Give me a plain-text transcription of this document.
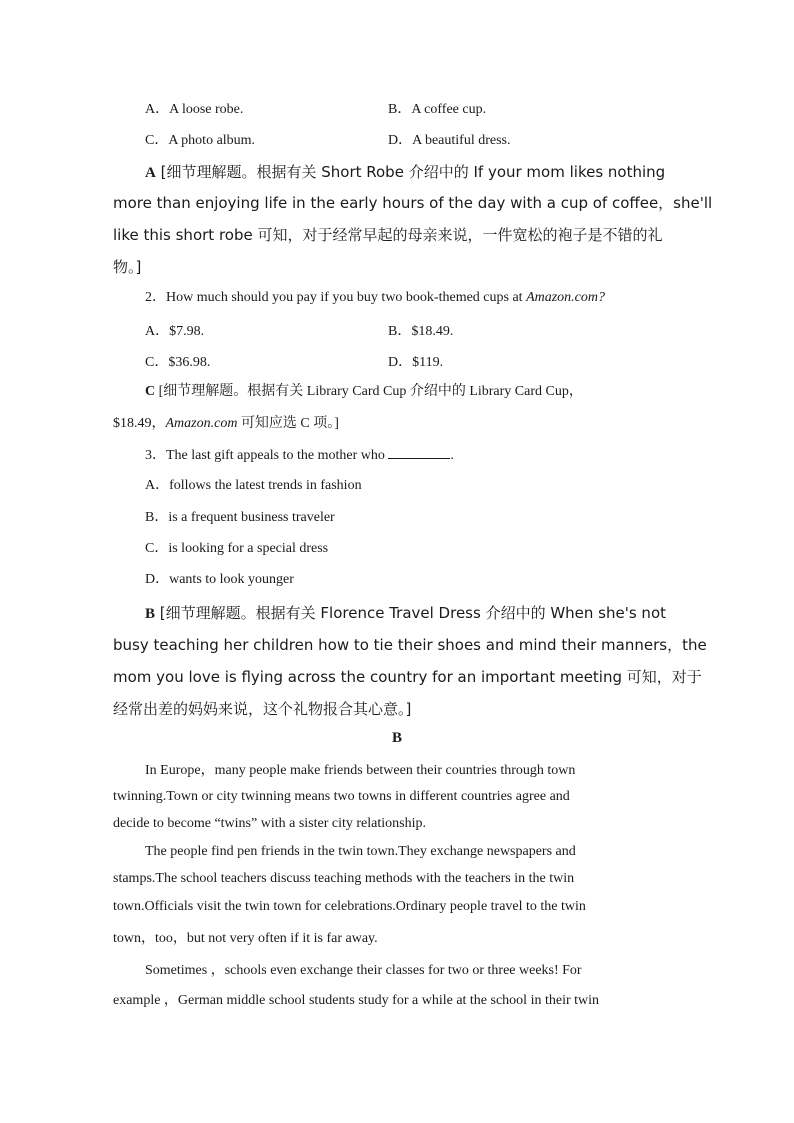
A．A loose robe.	B．A coffee cup.
C．A photo album.	D．A beautiful dress.
A [细节理解题。根据有关 Short Robe 介绍中的 If your mom likes nothing
more than enjoying life in the early hours of the day with a cup of coffee，she'll
like this short robe 可知，对于经常早起的母亲来说，一件宽松的袍子是不错的礼
物。]
2．How much should you pay if you buy two book-themed cups at Amazon.com?
A．$7.98.	B．$18.49.
C．$36.98.	D．$119.
C [细节理解题。根据有关 Library Card Cup 介绍中的 Library Card Cup，
$18.49，Amazon.com 可知应选 C 项。]
3．The last gift appeals to the mother who	.
A．follows the latest trends in fashion
B．is a frequent business traveler
C．is looking for a special dress
D．wants to look younger
B [细节理解题。根据有关 Florence Travel Dress 介绍中的 When she's not
busy teaching her children how to tie their shoes and mind their manners，the
mom you love is flying across the country for an important meeting 可知，对于
经常出差的妈妈来说，这个礼物报合其心意。]
B
In Europe，many people make friends between their countries through town
twinning.Town or city twinning means two towns in different countries agree and
decide to become “twins” with a sister city relationship.
The people find pen friends in the twin town.They exchange newspapers and
stamps.The school teachers discuss teaching methods with the teachers in the twin
town.Officials visit the twin town for celebrations.Ordinary people travel to the twin
town，too，but not very often if it is far away.
Sometimes ，schools even exchange their classes for two or three weeks! For
example ，German middle school students study for a while at the school in their twin
